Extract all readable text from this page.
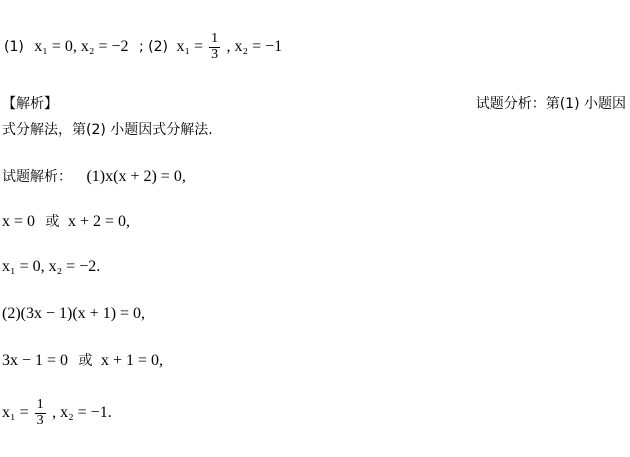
(1) x₁ = 0, x₂ = −2 ; (2) $x_1 = \frac{1}{3}$ , x₂ = −1
【解析】	试题分析：第(1) 小题因
式分解法，第(2) 小题因式分解法.
试题解析： (1)x(x + 2) = 0,
x = 0 或 x + 2 = 0,
x₁ = 0, x₂ = −2.
(2)(3x − 1)(x + 1) = 0,
3x − 1 = 0 或 x + 1 = 0,
$x_1 = \frac{1}{3}$ , x₂ = −1.
